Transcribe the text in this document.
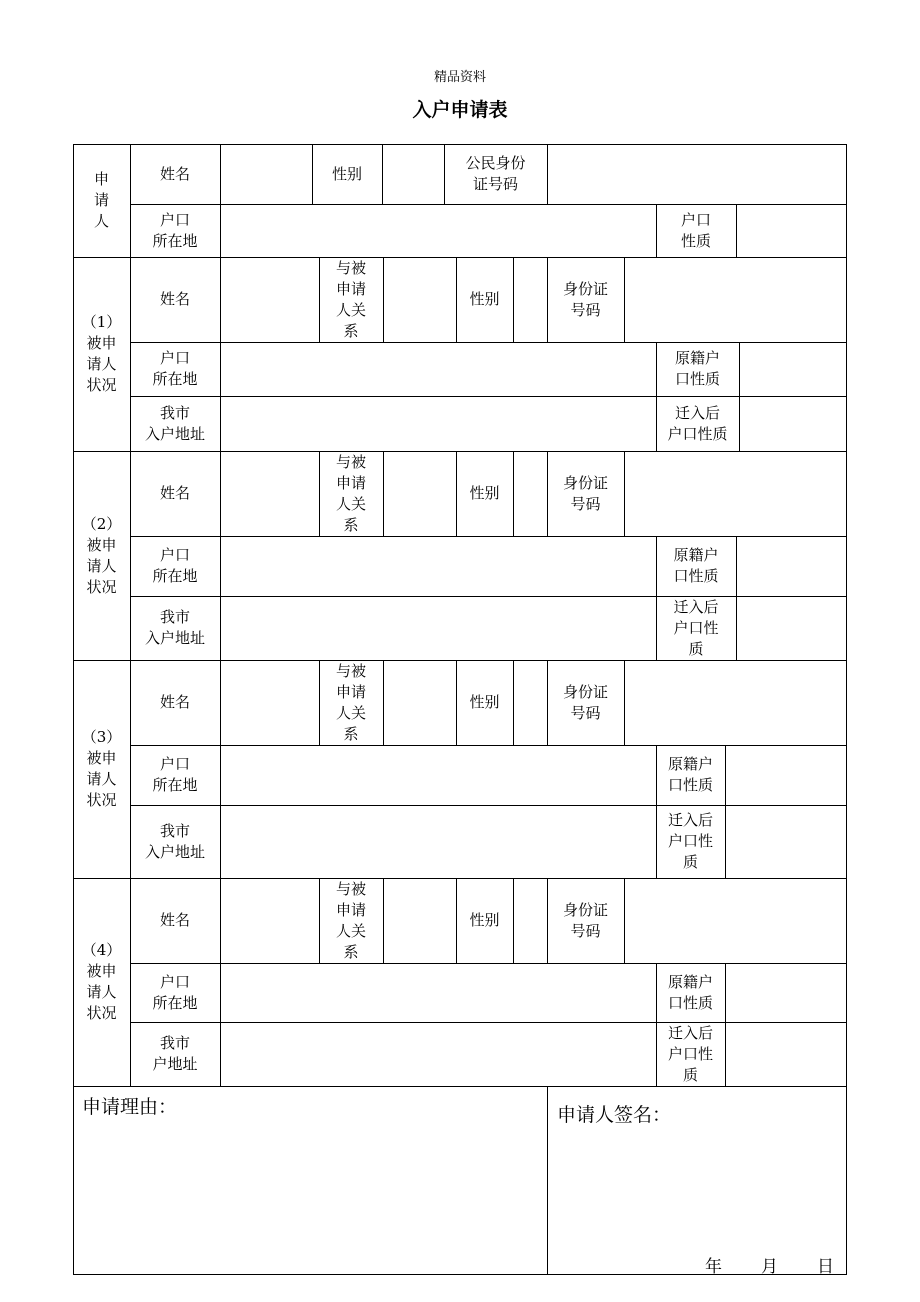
精品资料
入户申请表
申
请
人
姓名	性别
公民身份
证号码
户口
所在地
户口
性质
（1）
被申
请人
状况
姓名
与被
申请
人关
系
性别
身份证
号码
户口
所在地
原籍户
口性质
我市
入户地址
迁入后
户口性质
（2）
被申
请人
状况
姓名
与被
申请
人关
系
性别
身份证
号码
户口
所在地
原籍户
口性质
我市
入户地址
迁入后
户口性
质
（3）
被申
请人
状况
姓名
与被
申请
人关
系
性别
身份证
号码
户口
所在地
原籍户
口性质
我市
入户地址
迁入后
户口性
质
（4）
被申
请人
状况
姓名
与被
申请
人关
系
性别
身份证
号码
户口
所在地
原籍户
口性质
我市
户地址
迁入后
户口性
质
申请理由：	申请人签名：
年 月 日
